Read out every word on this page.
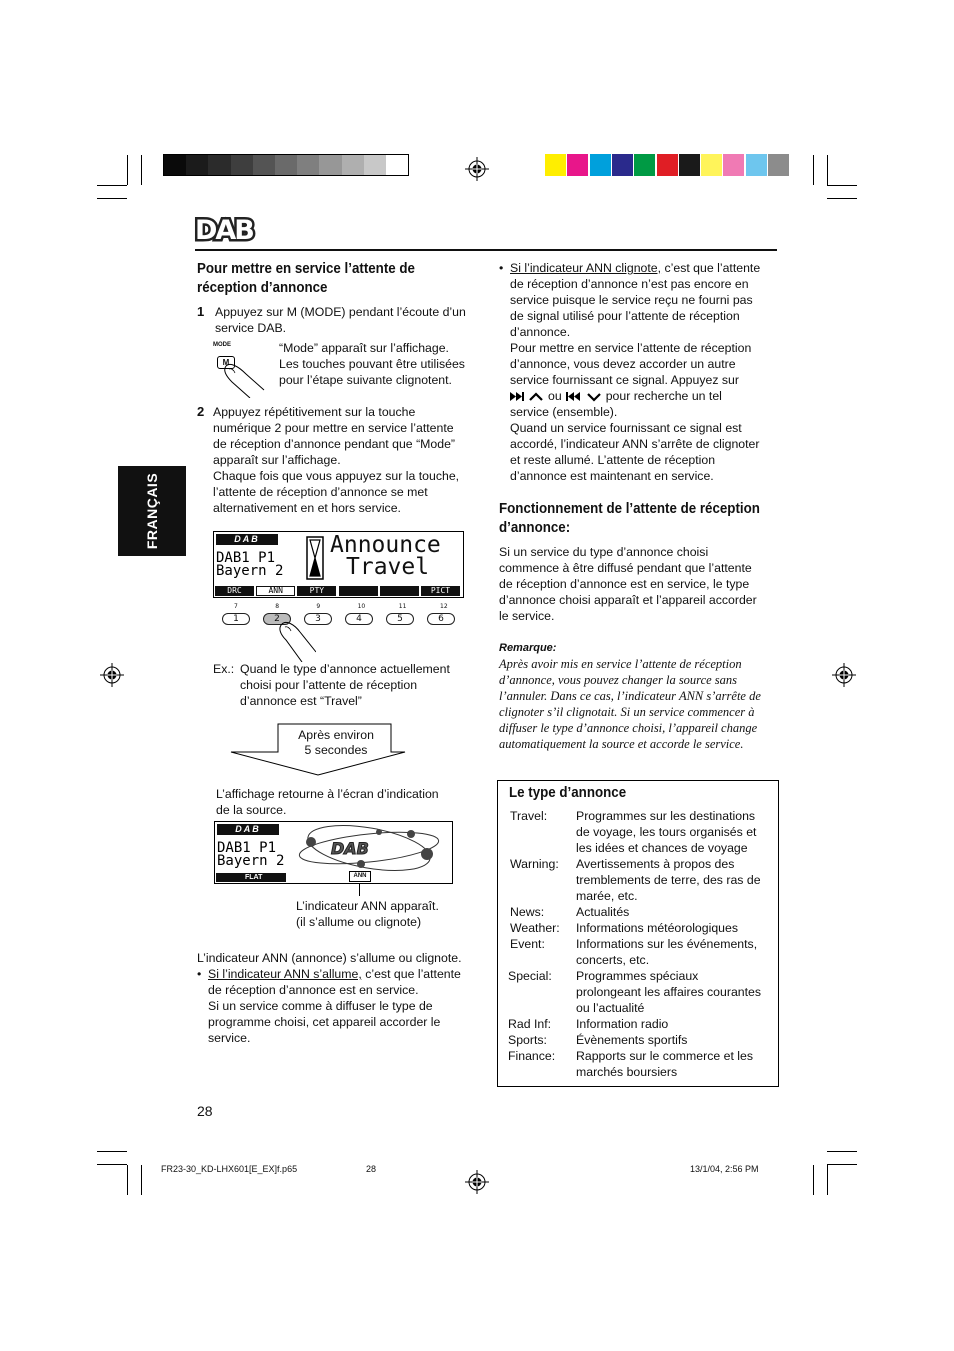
DAB
FRANÇAIS
Pour mettre en service l’attente de
réception d’annonce
1 Appuyez sur M (MODE) pendant l’écoute d’un
service DAB.
MODE
M
“Mode” apparaît sur l’affichage.
Les touches pouvant être utilisées
pour l’étape suivante clignotent.
2 Appuyez répétitivement sur la touche
numérique 2 pour mettre en service l’attente
de réception d’annonce pendant que “Mode”
apparaît sur l’affichage.
Chaque fois que vous appuyez sur la touche,
l’attente de réception d’annonce se met
alternativement en et hors service.
DAB
DAB1 P1
Bayern 2
Announce
Travel
DRC	ANN	PTY	PICT
7	8	9	10	11	12
1	2	3	4	5	6
Ex.: Quand le type d’annonce actuellement
choisi pour l’attente de réception
d’annonce est “Travel”
Après environ
5 secondes
L’affichage retourne à l’écran d’indication
de la source.
DAB
DAB1 P1
Bayern 2
DAB
FLAT	ANN
L’indicateur ANN apparaît.
(il s’allume ou clignote)
L’indicateur ANN (annonce) s’allume ou clignote.
• Si l’indicateur ANN s’allume, c’est que l’attente
de réception d’annonce est en service.
Si un service comme à diffuser le type de
programme choisi, cet appareil accorder le
service.
28
• Si l’indicateur ANN clignote, c’est que l’attente
de réception d’annonce n’est pas encore en
service puisque le service reçu ne fourni pas
de signal utilisé pour l’attente de réception
d’annonce.
Pour mettre en service l’attente de réception
d’annonce, vous devez accorder un autre
service fournissant ce signal. Appuyez sur
ou	pour recherche un tel
service (ensemble).
Quand un service fournissant ce signal est
accordé, l’indicateur ANN s’arrête de clignoter
et reste allumé. L’attente de réception
d’annonce est maintenant en service.
Fonctionnement de l’attente de réception
d’annonce:
Si un service du type d’annonce choisi
commence à être diffusé pendant que l’attente
de réception d’annonce est en service, le type
d’annonce choisi apparaît et l’appareil accorder
le service.
Remarque:
Après avoir mis en service l’attente de réception
d’annonce, vous pouvez changer la source sans
l’annuler. Dans ce cas, l’indicateur ANN s’arrête de
clignoter s’il clignotait. Si un service commencer à
diffuser le type d’annonce choisi, l’appareil change
automatiquement la source et accorde le service.
Le type d’annonce
Travel: Programmes sur les destinations
de voyage, les tours organisés et
les idées et chances de voyage
Warning: Avertissements à propos des
tremblements de terre, des ras de
marée, etc.
News:	Actualités
Weather: Informations météorologiques
Event:	Informations sur les événements,
concerts, etc.
Special: Programmes spéciaux
prolongeant les affaires courantes
ou l’actualité
Rad Inf: Information radio
Sports: Évènements sportifs
Finance: Rapports sur le commerce et les
marchés boursiers
FR23-30_KD-LHX601[E_EX]f.p65	28	13/1/04, 2:56 PM
